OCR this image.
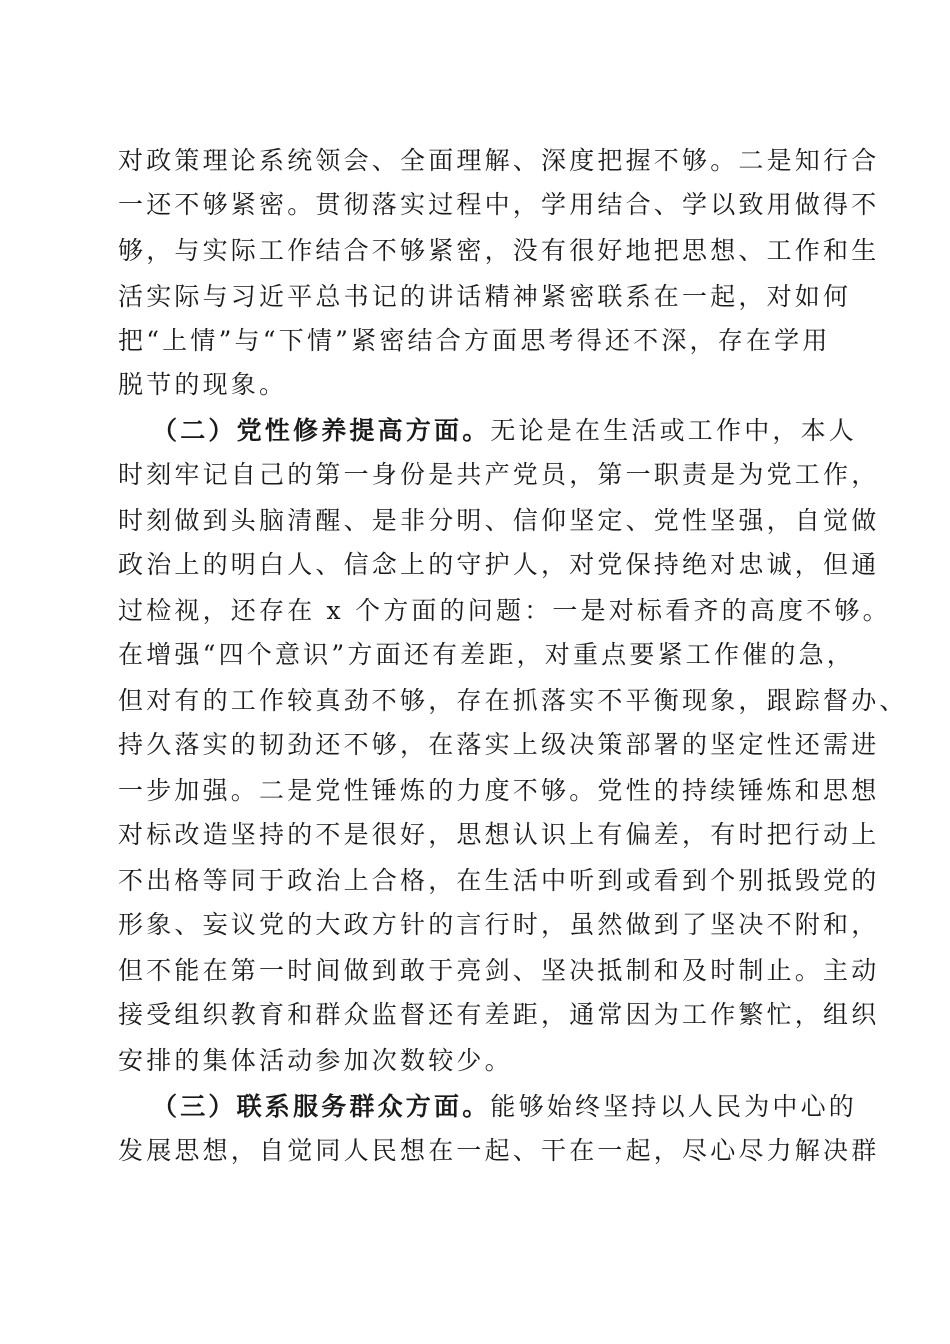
对政策理论系统领会、全面理解、深度把握不够。二是知行合
一还不够紧密。贯彻落实过程中，学用结合、学以致用做得不
够，与实际工作结合不够紧密，没有很好地把思想、工作和生
活实际与习近平总书记的讲话精神紧密联系在一起，对如何
把“上情”与“下情”紧密结合方面思考得还不深，存在学用
脱节的现象。
（二）党性修养提高方面。无论是在生活或工作中，本人
时刻牢记自己的第一身份是共产党员，第一职责是为党工作，
时刻做到头脑清醒、是非分明、信仰坚定、党性坚强，自觉做
政治上的明白人、信念上的守护人，对党保持绝对忠诚，但通
过检视，还存在 x 个方面的问题：一是对标看齐的高度不够。
在增强“四个意识”方面还有差距，对重点要紧工作催的急，
但对有的工作较真劲不够，存在抓落实不平衡现象，跟踪督办、
持久落实的韧劲还不够，在落实上级决策部署的坚定性还需进
一步加强。二是党性锤炼的力度不够。党性的持续锤炼和思想
对标改造坚持的不是很好，思想认识上有偏差，有时把行动上
不出格等同于政治上合格，在生活中听到或看到个别抵毁党的
形象、妄议党的大政方针的言行时，虽然做到了坚决不附和，
但不能在第一时间做到敢于亮剑、坚决抵制和及时制止。主动
接受组织教育和群众监督还有差距，通常因为工作繁忙，组织
安排的集体活动参加次数较少。
（三）联系服务群众方面。能够始终坚持以人民为中心的
发展思想，自觉同人民想在一起、干在一起，尽心尽力解决群
